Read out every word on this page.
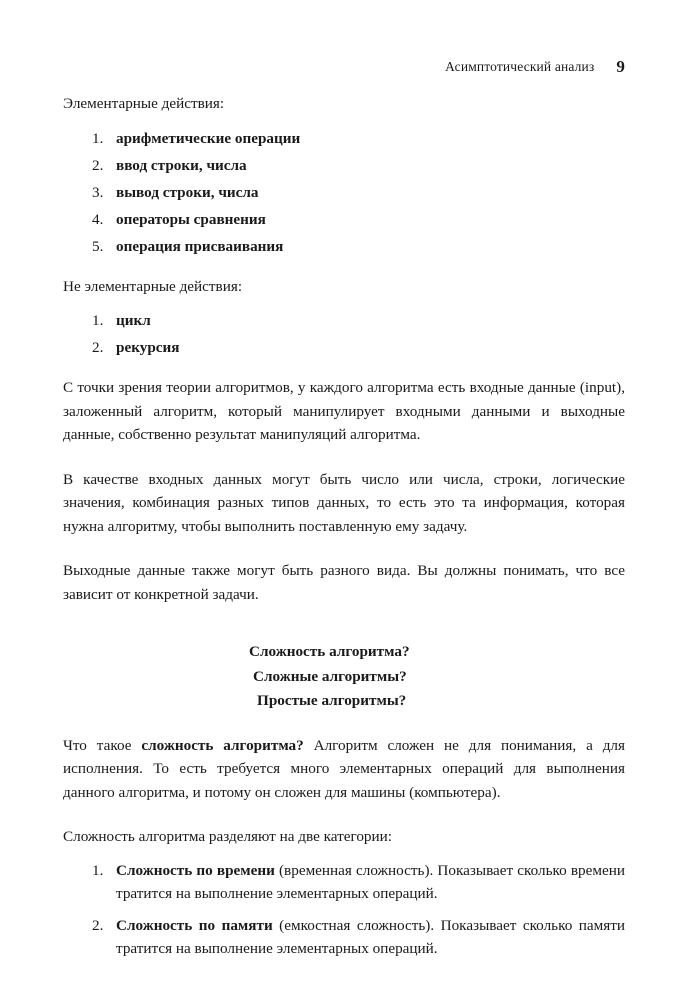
Асимптотический анализ 9

Элементарные действия:

1. арифметические операции
2. ввод строки, числа
3. вывод строки, числа
4. операторы сравнения
5. операция присваивания

Не элементарные действия:

1. цикл
2. рекурсия

С точки зрения теории алгоритмов, у каждого алгоритма есть входные данные (input), заложенный алгоритм, который манипулирует входными данными и выходные данные, собственно результат манипуляций алгоритма.

В качестве входных данных могут быть число или числа, строки, логические значения, комбинация разных типов данных, то есть это та информация, которая нужна алгоритму, чтобы выполнить поставленную ему задачу.

Выходные данные также могут быть разного вида. Вы должны понимать, что все зависит от конкретной задачи.

Сложность алгоритма?
Сложные алгоритмы?
Простые алгоритмы?

Что такое сложность алгоритма? Алгоритм сложен не для понимания, а для исполнения. То есть требуется много элементарных операций для выполнения данного алгоритма, и потому он сложен для машины (компьютера).

Сложность алгоритма разделяют на две категории:

1. Сложность по времени (временная сложность). Показывает сколько времени тратится на выполнение элементарных операций.
2. Сложность по памяти (емкостная сложность). Показывает сколько памяти тратится на выполнение элементарных операций.
